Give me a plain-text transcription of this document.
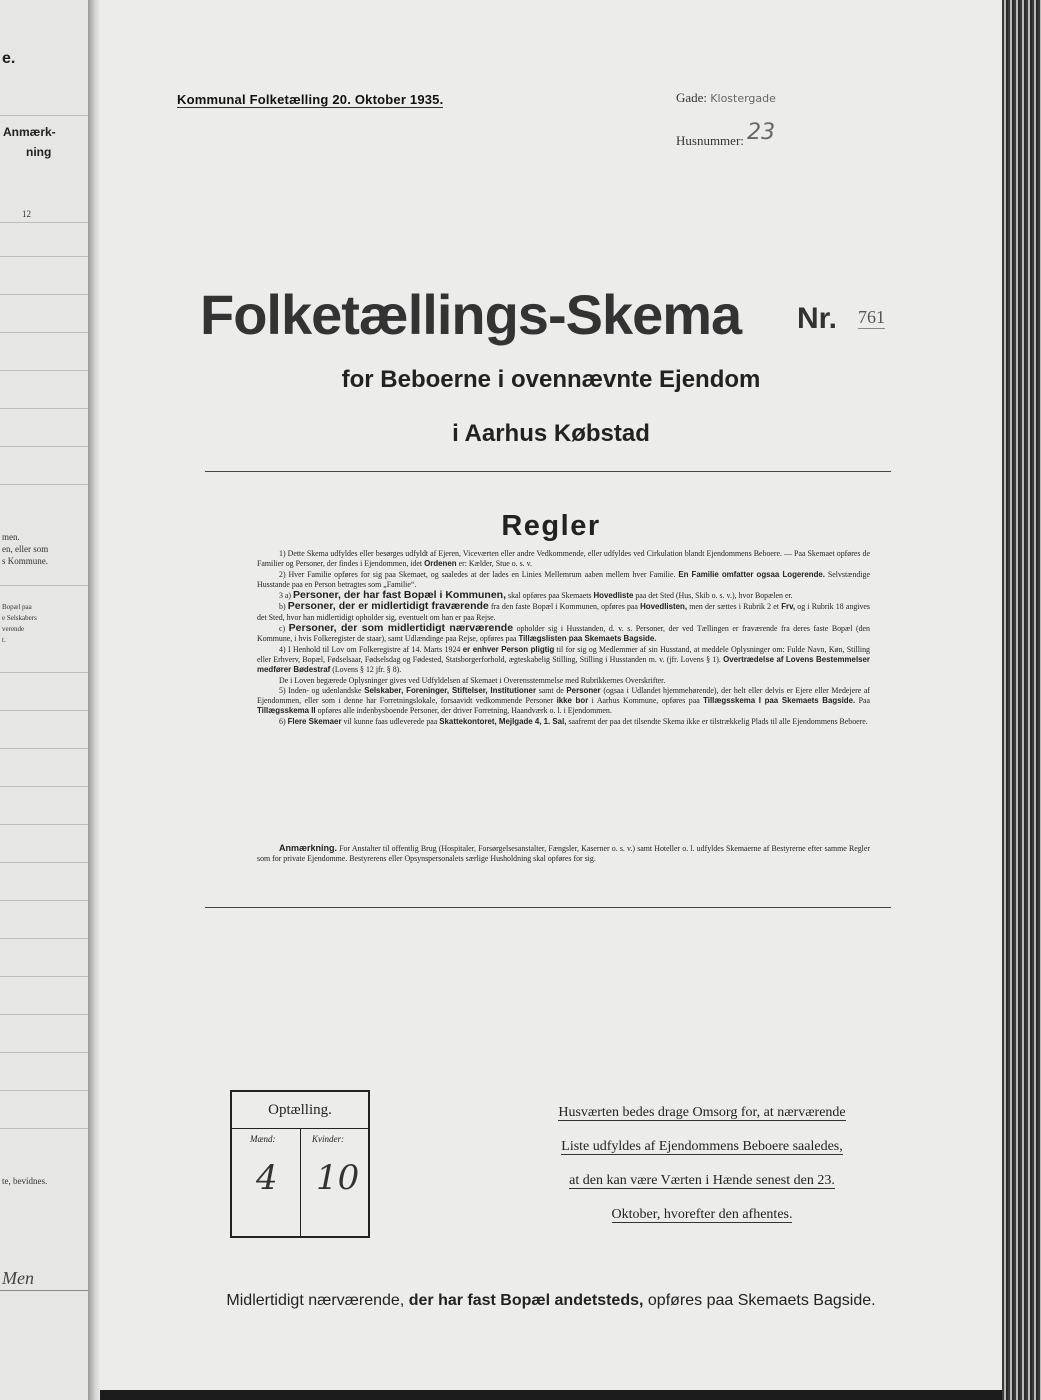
e.
Anmærk-
ning
12
men.
en, eller som
s Kommune.
Bopæl paa
e Selskabers
verende
t.
te, bevidnes.
Men
Kommunal Folketælling 20. Oktober 1935.	Gade: Klostergade
Husnummer: 23
Folketællings-Skema Nr. 761
for Beboerne i ovennævnte Ejendom
i Aarhus Købstad
Regler

1) Dette Skema udfyldes eller besørges udfyldt af Ejeren, Viceværten eller andre Vedkommende, eller udfyldes ved Cirkulation blandt Ejendommens Beboere. — Paa Skemaet opføres de Familier og Personer, der findes i Ejendommen, idet Ordenen er: Kælder, Stue o. s. v.

2) Hver Familie opføres for sig paa Skemaet, og saaledes at der lades en Linies Mellemrum aaben mellem hver Familie. En Familie omfatter ogsaa Logerende. Selvstændige Husstande paa en Person betragtes som „Familie“.

3 a) Personer, der har fast Bopæl i Kommunen, skal opføres paa Skemaets Hovedliste paa det Sted (Hus, Skib o. s. v.), hvor Bopælen er.

b) Personer, der er midlertidigt fraværende fra den faste Bopæl i Kommunen, opføres paa Hovedlisten, men der sættes i Rubrik 2 et Frv, og i Rubrik 18 angives det Sted, hvor han midlertidigt opholder sig, eventuelt om han er paa Rejse.

c) Personer, der som midlertidigt nærværende opholder sig i Husstanden, d. v. s. Personer, der ved Tællingen er fraværende fra deres faste Bopæl (den Kommune, i hvis Folkeregister de staar), samt Udlændinge paa Rejse, opføres paa Tillægslisten paa Skemaets Bagside.

4) I Henhold til Lov om Folkeregistre af 14. Marts 1924 er enhver Person pligtig til for sig og Medlemmer af sin Husstand, at meddele Oplysninger om: Fulde Navn, Køn, Stilling eller Erhverv, Bopæl, Fødselsaar, Fødselsdag og Fødested, Statsborgerforhold, ægteskabelig Stilling, Stilling i Husstanden m. v. (jfr. Lovens § 1). Overtrædelse af Lovens Bestemmelser medfører Bødestraf (Lovens § 12 jfr. § 8).

De i Loven begærede Oplysninger gives ved Udfyldelsen af Skemaet i Overensstemmelse med Rubrikkernes Overskrifter.

5) Inden- og udenlandske Selskaber, Foreninger, Stiftelser, Institutioner samt de Personer (ogsaa i Udlandet hjemmehørende), der helt eller delvis er Ejere eller Medejere af Ejendommen, eller som i denne har Forretningslokale, forsaavidt vedkommende Personer ikke bor i Aarhus Kommune, opføres paa Tillægsskema I paa Skemaets Bagside. Paa Tillægsskema II opføres alle indenbysboende Personer, der driver Forretning, Haandværk o. l. i Ejendommen.

6) Flere Skemaer vil kunne faas udleverede paa Skattekontoret, Mejlgade 4, 1. Sal, saafremt der paa det tilsendte Skema ikke er tilstrækkelig Plads til alle Ejendommens Beboere.

Anmærkning. For Anstalter til offentlig Brug (Hospitaler, Forsørgelsesanstalter, Fængsler, Kaserner o. s. v.) samt Hoteller o. l. udfyldes Skemaerne af Bestyrerne efter samme Regler som for private Ejendomme. Bestyrerens eller Opsynspersonalets særlige Husholdning skal opføres for sig.
Optælling.
Mænd:	Kvinder:
4 10
Husværten bedes drage Omsorg for, at nærværende
Liste udfyldes af Ejendommens Beboere saaledes,
at den kan være Værten i Hænde senest den 23.
Oktober, hvorefter den afhentes.
Midlertidigt nærværende, der har fast Bopæl andetsteds, opføres paa Skemaets Bagside.
